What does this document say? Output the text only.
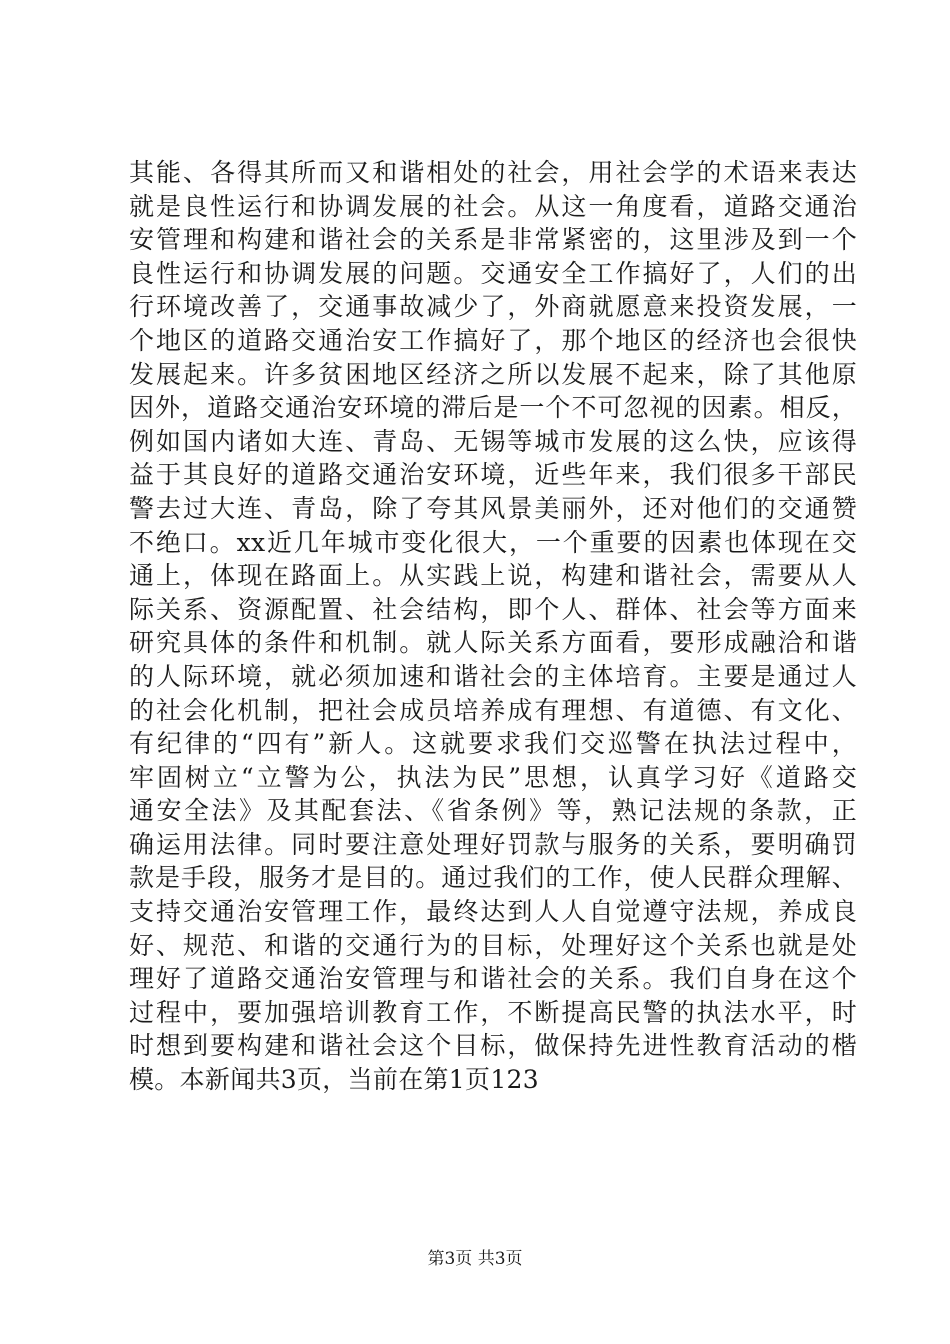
其能、各得其所而又和谐相处的社会，用社会学的术语来表达
就是良性运行和协调发展的社会。从这一角度看，道路交通治
安管理和构建和谐社会的关系是非常紧密的，这里涉及到一个
良性运行和协调发展的问题。交通安全工作搞好了，人们的出
行环境改善了，交通事故减少了，外商就愿意来投资发展，一
个地区的道路交通治安工作搞好了，那个地区的经济也会很快
发展起来。许多贫困地区经济之所以发展不起来，除了其他原
因外，道路交通治安环境的滞后是一个不可忽视的因素。相反，
例如国内诸如大连、青岛、无锡等城市发展的这么快，应该得
益于其良好的道路交通治安环境，近些年来，我们很多干部民
警去过大连、青岛，除了夸其风景美丽外，还对他们的交通赞
不绝口。xx近几年城市变化很大，一个重要的因素也体现在交
通上，体现在路面上。从实践上说，构建和谐社会，需要从人
际关系、资源配置、社会结构，即个人、群体、社会等方面来
研究具体的条件和机制。就人际关系方面看，要形成融洽和谐
的人际环境，就必须加速和谐社会的主体培育。主要是通过人
的社会化机制，把社会成员培养成有理想、有道德、有文化、
有纪律的“四有”新人。这就要求我们交巡警在执法过程中，
牢固树立“立警为公，执法为民”思想，认真学习好《道路交
通安全法》及其配套法、《省条例》等，熟记法规的条款，正
确运用法律。同时要注意处理好罚款与服务的关系，要明确罚
款是手段，服务才是目的。通过我们的工作，使人民群众理解、
支持交通治安管理工作，最终达到人人自觉遵守法规，养成良
好、规范、和谐的交通行为的目标，处理好这个关系也就是处
理好了道路交通治安管理与和谐社会的关系。我们自身在这个
过程中，要加强培训教育工作，不断提高民警的执法水平，时
时想到要构建和谐社会这个目标，做保持先进性教育活动的楷
模。本新闻共3页，当前在第1页123
第3页 共3页
